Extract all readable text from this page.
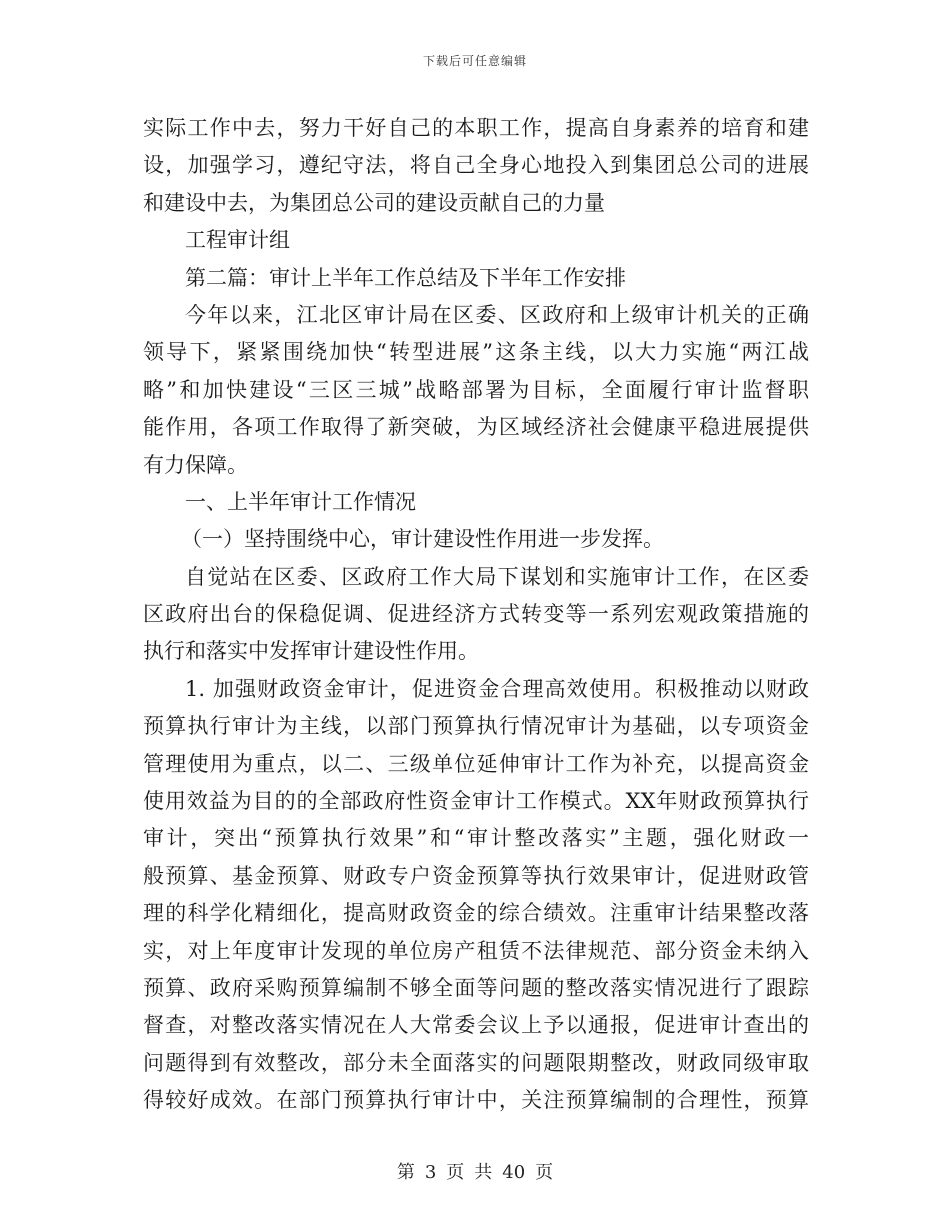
下载后可任意编辑
实际工作中去，努力干好自己的本职工作，提高自身素养的培育和建
设，加强学习，遵纪守法，将自己全身心地投入到集团总公司的进展
和建设中去，为集团总公司的建设贡献自己的力量
工程审计组
第二篇：审计上半年工作总结及下半年工作安排
今年以来，江北区审计局在区委、区政府和上级审计机关的正确
领导下，紧紧围绕加快“转型进展”这条主线，以大力实施“两江战
略”和加快建设“三区三城”战略部署为目标，全面履行审计监督职
能作用，各项工作取得了新突破，为区域经济社会健康平稳进展提供
有力保障。
一、上半年审计工作情况
（一）坚持围绕中心，审计建设性作用进一步发挥。
自觉站在区委、区政府工作大局下谋划和实施审计工作，在区委
区政府出台的保稳促调、促进经济方式转变等一系列宏观政策措施的
执行和落实中发挥审计建设性作用。
1. 加强财政资金审计，促进资金合理高效使用。积极推动以财政
预算执行审计为主线，以部门预算执行情况审计为基础，以专项资金
管理使用为重点，以二、三级单位延伸审计工作为补充，以提高资金
使用效益为目的的全部政府性资金审计工作模式。XX年财政预算执行
审计，突出“预算执行效果”和“审计整改落实”主题，强化财政一
般预算、基金预算、财政专户资金预算等执行效果审计，促进财政管
理的科学化精细化，提高财政资金的综合绩效。注重审计结果整改落
实，对上年度审计发现的单位房产租赁不法律规范、部分资金未纳入
预算、政府采购预算编制不够全面等问题的整改落实情况进行了跟踪
督查，对整改落实情况在人大常委会议上予以通报，促进审计查出的
问题得到有效整改，部分未全面落实的问题限期整改，财政同级审取
得较好成效。在部门预算执行审计中，关注预算编制的合理性，预算
第 3 页 共 40 页
